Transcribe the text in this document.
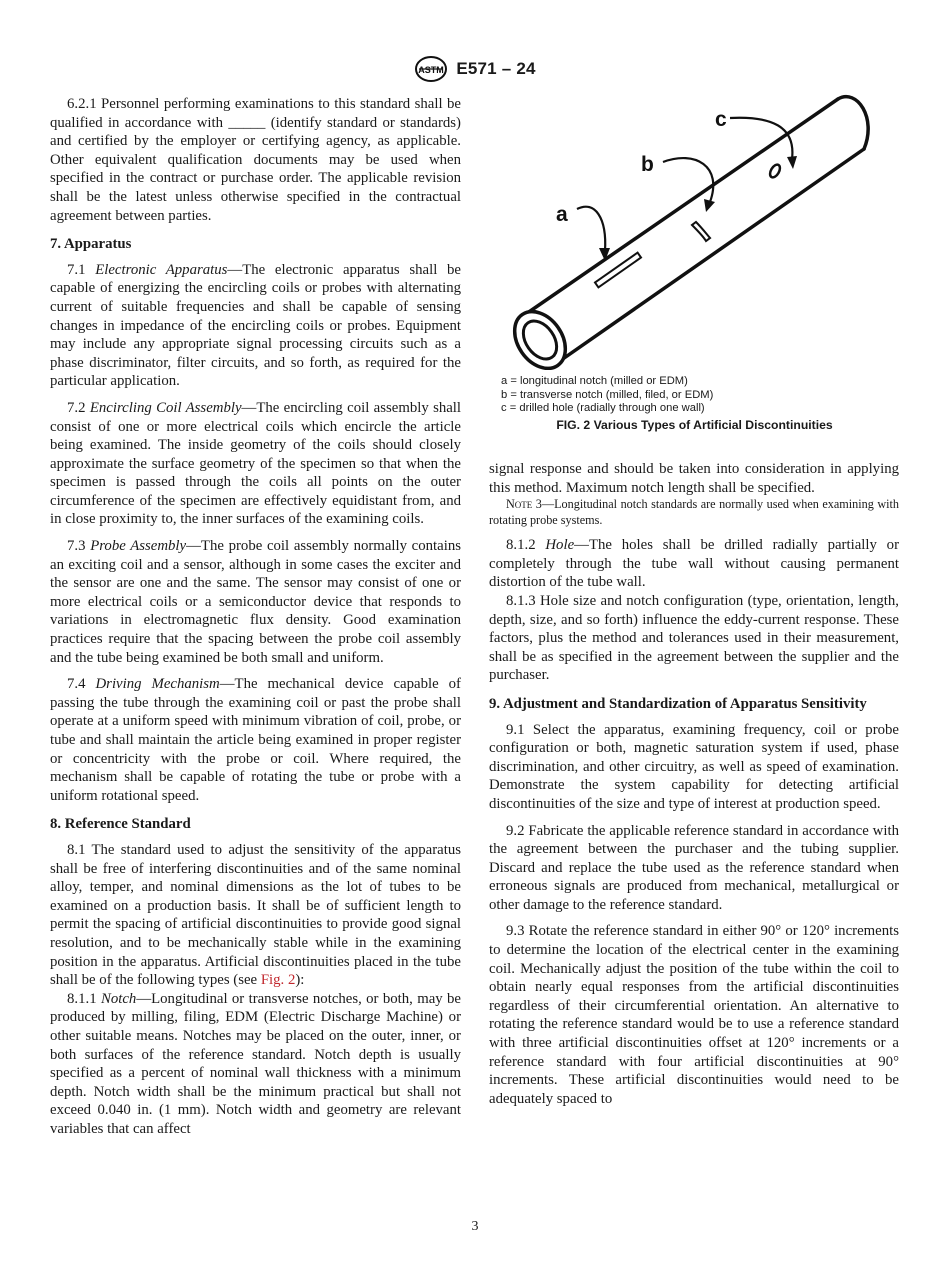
ASTM E571 – 24

6.2.1 Personnel performing examinations to this standard shall be qualified in accordance with _____ (identify standard or standards) and certified by the employer or certifying agency, as applicable. Other equivalent qualification documents may be used when specified in the contract or purchase order. The applicable revision shall be the latest unless otherwise specified in the contractual agreement between parties.

7. Apparatus

7.1 Electronic Apparatus—The electronic apparatus shall be capable of energizing the encircling coils or probes with alternating current of suitable frequencies and shall be capable of sensing changes in impedance of the encircling coils or probes. Equipment may include any appropriate signal processing circuits such as a phase discriminator, filter circuits, and so forth, as required for the particular application.

7.2 Encircling Coil Assembly—The encircling coil assembly shall consist of one or more electrical coils which encircle the article being examined. The inside geometry of the coils should closely approximate the surface geometry of the specimen so that when the specimen is passed through the coils all points on the outer circumference of the specimen are effectively equidistant from, and in close proximity to, the inner surfaces of the examining coils.

7.3 Probe Assembly—The probe coil assembly normally contains an exciting coil and a sensor, although in some cases the exciter and the sensor are one and the same. The sensor may consist of one or more electrical coils or a semiconductor device that responds to variations in electromagnetic flux density. Good examination practices require that the spacing between the probe coil assembly and the tube being examined be both small and uniform.

7.4 Driving Mechanism—The mechanical device capable of passing the tube through the examining coil or past the probe shall operate at a uniform speed with minimum vibration of coil, probe, or tube and shall maintain the article being examined in proper register or concentricity with the probe or coil. Where required, the mechanism shall be capable of rotating the tube or probe with a uniform rotational speed.

8. Reference Standard

8.1 The standard used to adjust the sensitivity of the apparatus shall be free of interfering discontinuities and of the same nominal alloy, temper, and nominal dimensions as the lot of tubes to be examined on a production basis. It shall be of sufficient length to permit the spacing of artificial discontinuities to provide good signal resolution, and to be mechanically stable while in the examining position in the apparatus. Artificial discontinuities placed in the tube shall be of the following types (see Fig. 2):

8.1.1 Notch—Longitudinal or transverse notches, or both, may be produced by milling, filing, EDM (Electric Discharge Machine) or other suitable means. Notches may be placed on the outer, inner, or both surfaces of the reference standard. Notch depth is usually specified as a percent of nominal wall thickness with a minimum depth. Notch width shall be the minimum practical but shall not exceed 0.040 in. (1 mm). Notch width and geometry are relevant variables that can affect

a
b
c
a = longitudinal notch (milled or EDM)
b = transverse notch (milled, filed, or EDM)
c = drilled hole (radially through one wall)
FIG. 2 Various Types of Artificial Discontinuities

signal response and should be taken into consideration in applying this method. Maximum notch length shall be specified.

Note 3—Longitudinal notch standards are normally used when examining with rotating probe systems.

8.1.2 Hole—The holes shall be drilled radially partially or completely through the tube wall without causing permanent distortion of the tube wall.

8.1.3 Hole size and notch configuration (type, orientation, length, depth, size, and so forth) influence the eddy-current response. These factors, plus the method and tolerances used in their measurement, shall be as specified in the agreement between the supplier and the purchaser.

9. Adjustment and Standardization of Apparatus Sensitivity

9.1 Select the apparatus, examining frequency, coil or probe configuration or both, magnetic saturation system if used, phase discrimination, and other circuitry, as well as speed of examination. Demonstrate the system capability for detecting artificial discontinuities of the size and type of interest at production speed.

9.2 Fabricate the applicable reference standard in accordance with the agreement between the purchaser and the tubing supplier. Discard and replace the tube used as the reference standard when erroneous signals are produced from mechanical, metallurgical or other damage to the reference standard.

9.3 Rotate the reference standard in either 90° or 120° increments to determine the location of the electrical center in the examining coil. Mechanically adjust the position of the tube within the coil to obtain nearly equal responses from the artificial discontinuities regardless of their circumferential orientation. An alternative to rotating the reference standard would be to use a reference standard with three artificial discontinuities offset at 120° increments or a reference standard with four artificial discontinuities at 90° increments. These artificial discontinuities would need to be adequately spaced to

3
